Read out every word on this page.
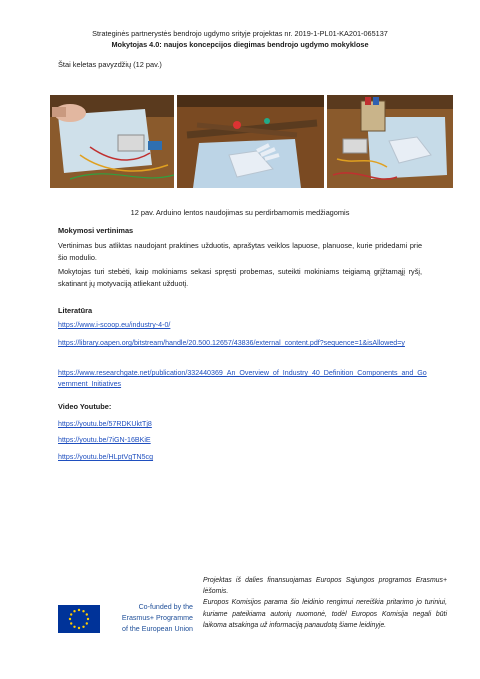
Strateginės partnerystės bendrojo ugdymo srityje projektas nr. 2019-1-PL01-KA201-065137
Mokytojas 4.0: naujos koncepcijos diegimas bendrojo ugdymo mokyklose
Štai keletas pavyzdžių (12 pav.)
12 pav. Arduino lentos naudojimas su perdirbamomis medžiagomis
Mokymosi vertinimas

Vertinimas bus atliktas naudojant praktines užduotis, aprašytas veiklos lapuose, planuose, kurie pridedami prie šio modulio.

Mokytojas turi stebėti, kaip mokiniams sekasi spręsti probemas, suteikti mokiniams teigiamą grįžtamąjį ryšį, skatinant jų motyvaciją atliekant užduotį.

Literatūra
https://www.i-scoop.eu/industry-4-0/
https://library.oapen.org/bitstream/handle/20.500.12657/43836/external_content.pdf?sequence=1&isAllowed=y
https://www.researchgate.net/publication/332440369_An_Overview_of_Industry_40_Definition_Components_and_Government_Initiatives
Video Youtube:
https://youtu.be/57RDKUktTj8
https://youtu.be/7iGN-16BKiE
https://youtu.be/HLptVgTN5cg
Co-funded by the
Erasmus+ Programme
of the European Union

Projektas iš dalies finansuojamas Europos Sąjungos programos Erasmus+ lėšomis.

Europos Komisijos parama šio leidinio rengimui nereiškia pritarimo jo turiniui, kuriame pateikiama autorių nuomonė, todėl Europos Komisija negali būti laikoma atsakinga už informaciją panaudotą šiame leidinyje.
